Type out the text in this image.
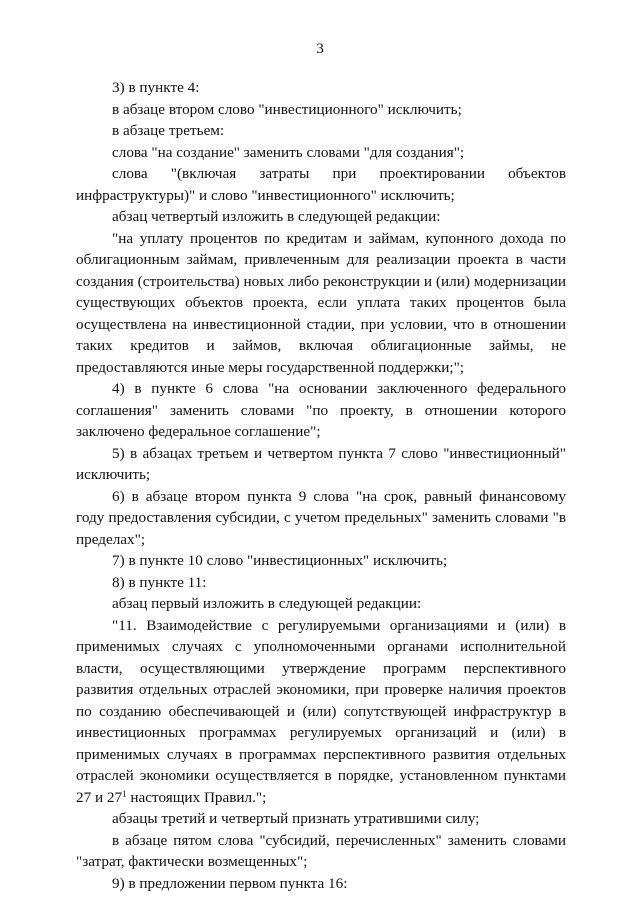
3

3) в пункте 4:

в абзаце втором слово "инвестиционного" исключить;

в абзаце третьем:

слова "на создание" заменить словами "для создания";

слова "(включая затраты при проектировании объектов инфраструктуры)" и слово "инвестиционного" исключить;

абзац четвертый изложить в следующей редакции:

"на уплату процентов по кредитам и займам, купонного дохода по облигационным займам, привлеченным для реализации проекта в части создания (строительства) новых либо реконструкции и (или) модернизации существующих объектов проекта, если уплата таких процентов была осуществлена на инвестиционной стадии, при условии, что в отношении таких кредитов и займов, включая облигационные займы, не предоставляются иные меры государственной поддержки;";

4) в пункте 6 слова "на основании заключенного федерального соглашения" заменить словами "по проекту, в отношении которого заключено федеральное соглашение";

5) в абзацах третьем и четвертом пункта 7 слово "инвестиционный" исключить;

6) в абзаце втором пункта 9 слова "на срок, равный финансовому году предоставления субсидии, с учетом предельных" заменить словами "в пределах";

7) в пункте 10 слово "инвестиционных" исключить;

8) в пункте 11:

абзац первый изложить в следующей редакции:

"11. Взаимодействие с регулируемыми организациями и (или) в применимых случаях с уполномоченными органами исполнительной власти, осуществляющими утверждение программ перспективного развития отдельных отраслей экономики, при проверке наличия проектов по созданию обеспечивающей и (или) сопутствующей инфраструктур в инвестиционных программах регулируемых организаций и (или) в применимых случаях в программах перспективного развития отдельных отраслей экономики осуществляется в порядке, установленном пунктами 27 и $27^1$ настоящих Правил.";

абзацы третий и четвертый признать утратившими силу;

в абзаце пятом слова "субсидий, перечисленных" заменить словами "затрат, фактически возмещенных";

9) в предложении первом пункта 16:
